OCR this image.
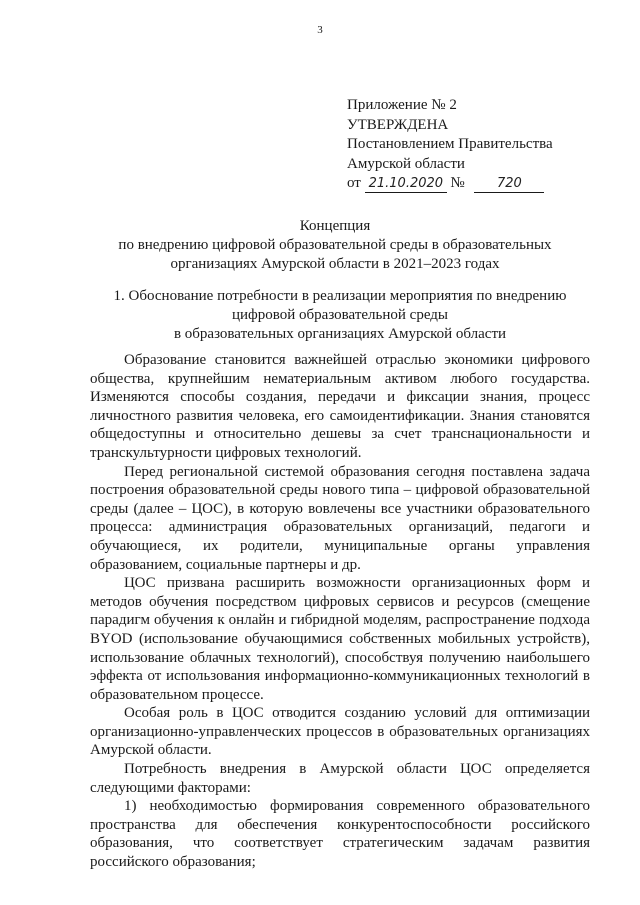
3
Приложение № 2
УТВЕРЖДЕНА
Постановлением Правительства
Амурской области
от 21.10.2020 № 720
Концепция
по внедрению цифровой образовательной среды в образовательных
организациях Амурской области в 2021–2023 годах
1. Обоснование потребности в реализации мероприятия по внедрению
цифровой образовательной среды
в образовательных организациях Амурской области

Образование становится важнейшей отраслью экономики цифрового общества, крупнейшим нематериальным активом любого государства. Изменяются способы создания, передачи и фиксации знания, процесс личностного развития человека, его самоидентификации. Знания становятся общедоступны и относительно дешевы за счет транснациональности и транскультурности цифровых технологий.

Перед региональной системой образования сегодня поставлена задача построения образовательной среды нового типа – цифровой образовательной среды (далее – ЦОС), в которую вовлечены все участники образовательного процесса: администрация образовательных организаций, педагоги и обучающиеся, их родители, муниципальные органы управления образованием, социальные партнеры и др.

ЦОС призвана расширить возможности организационных форм и методов обучения посредством цифровых сервисов и ресурсов (смещение парадигм обучения к онлайн и гибридной моделям, распространение подхода BYOD (использование обучающимися собственных мобильных устройств), использование облачных технологий), способствуя получению наибольшего эффекта от использования информационно-коммуникационных технологий в образовательном процессе.

Особая роль в ЦОС отводится созданию условий для оптимизации организационно-управленческих процессов в образовательных организациях Амурской области.

Потребность внедрения в Амурской области ЦОС определяется следующими факторами:

1) необходимостью формирования современного образовательного пространства для обеспечения конкурентоспособности российского образования, что соответствует стратегическим задачам развития российского образования;
